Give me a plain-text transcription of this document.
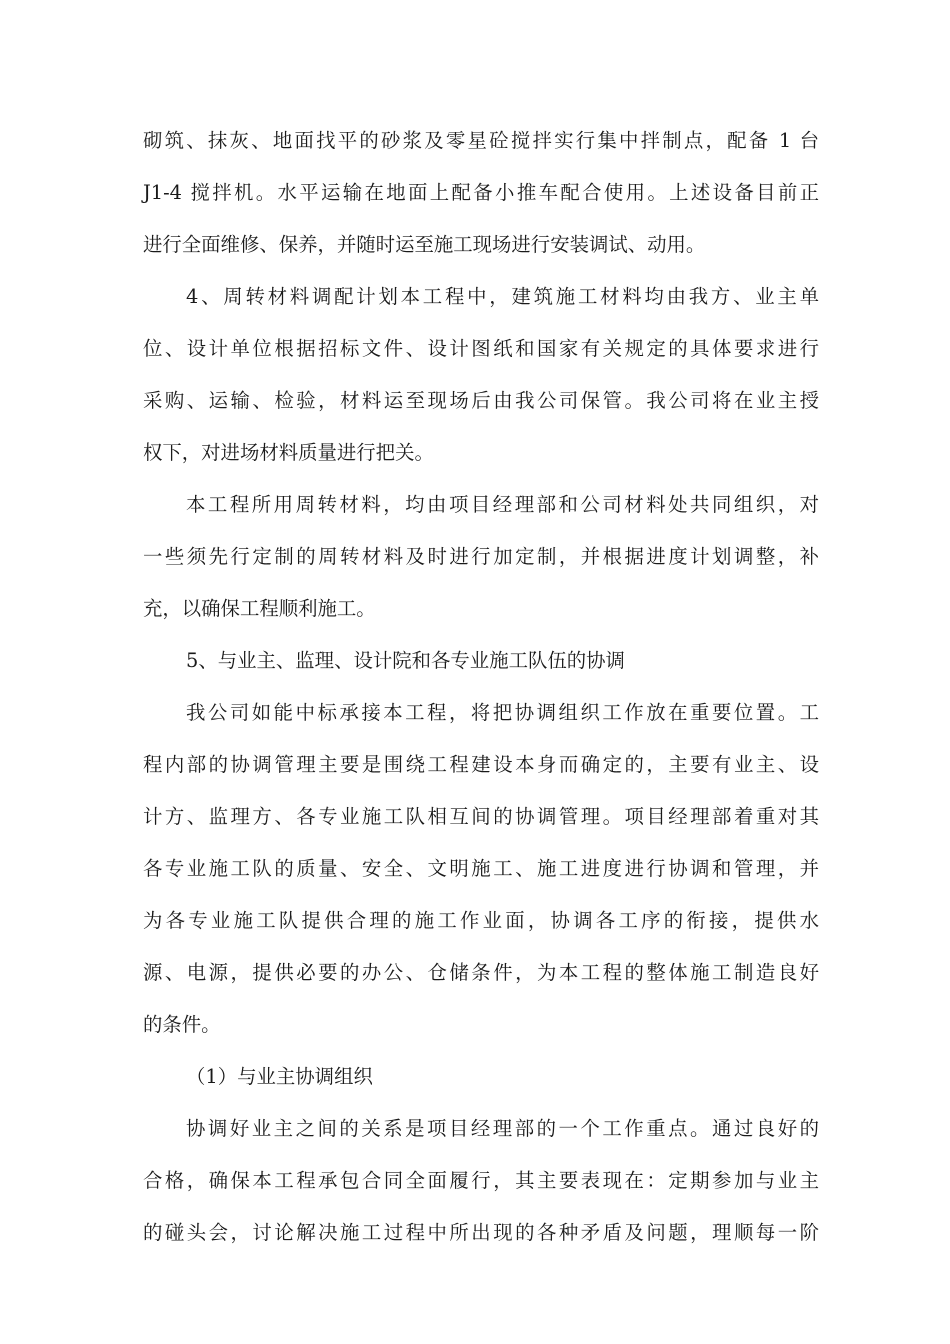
砌筑、抹灰、地面找平的砂浆及零星砼搅拌实行集中拌制点，配备 1 台
J1-4 搅拌机。水平运输在地面上配备小推车配合使用。上述设备目前正
进行全面维修、保养，并随时运至施工现场进行安装调试、动用。
4、周转材料调配计划本工程中，建筑施工材料均由我方、业主单
位、设计单位根据招标文件、设计图纸和国家有关规定的具体要求进行
采购、运输、检验，材料运至现场后由我公司保管。我公司将在业主授
权下，对进场材料质量进行把关。
本工程所用周转材料，均由项目经理部和公司材料处共同组织，对
一些须先行定制的周转材料及时进行加定制，并根据进度计划调整，补
充，以确保工程顺利施工。
5、与业主、监理、设计院和各专业施工队伍的协调
我公司如能中标承接本工程，将把协调组织工作放在重要位置。工
程内部的协调管理主要是围绕工程建设本身而确定的，主要有业主、设
计方、监理方、各专业施工队相互间的协调管理。项目经理部着重对其
各专业施工队的质量、安全、文明施工、施工进度进行协调和管理，并
为各专业施工队提供合理的施工作业面，协调各工序的衔接，提供水
源、电源，提供必要的办公、仓储条件，为本工程的整体施工制造良好
的条件。
（1）与业主协调组织
协调好业主之间的关系是项目经理部的一个工作重点。通过良好的
合格，确保本工程承包合同全面履行，其主要表现在：定期参加与业主
的碰头会，讨论解决施工过程中所出现的各种矛盾及问题，理顺每一阶
